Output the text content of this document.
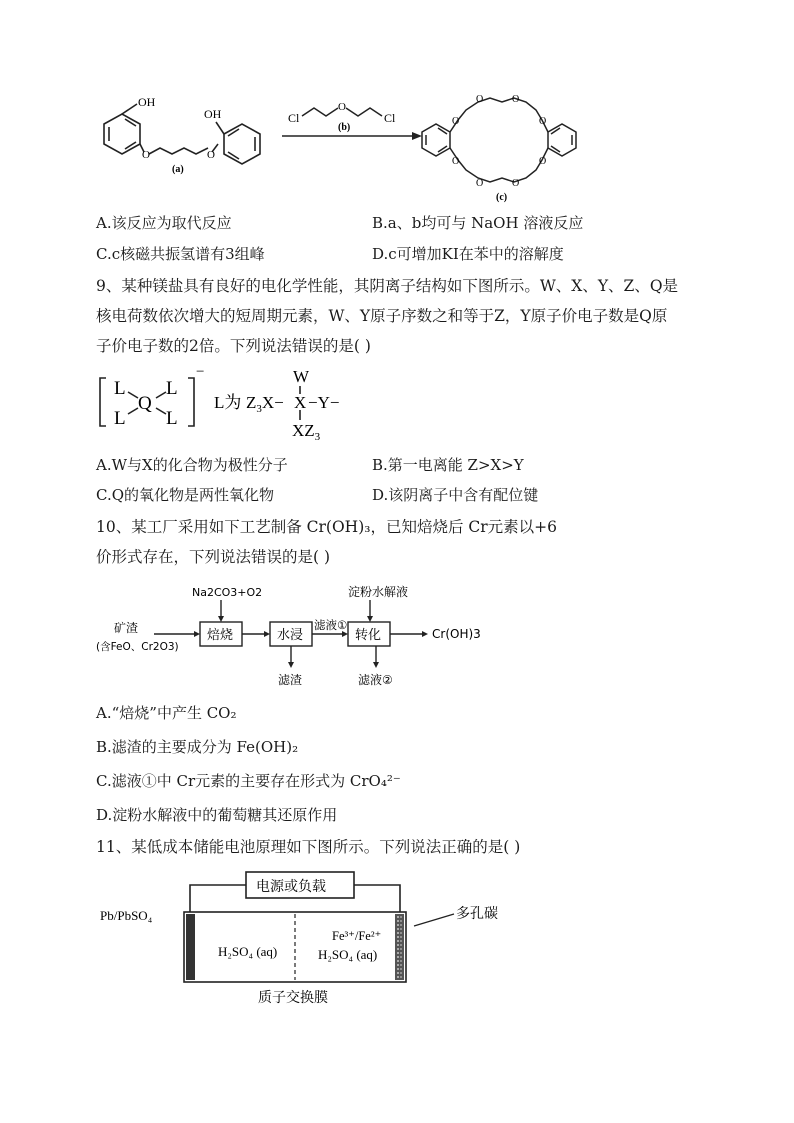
OH
O	O
OH
(a)
Cl
O
Cl
(b)
O
O	O
O
O
O	O
O
(c)
A.该反应为取代反应	B.a、b均可与 NaOH 溶液反应
C.c核磁共振氢谱有3组峰	D.c可增加KI在苯中的溶解度
9、某种镁盐具有良好的电化学性能，其阴离子结构如下图所示。W、X、Y、Z、Q是
核电荷数依次增大的短周期元素，W、Y原子序数之和等于Z，Y原子价电子数是Q原
子价电子数的2倍。下列说法错误的是( )
L L
Q
L L
−
L为 $Z_3X-$
W
X −Y−
$XZ_3$
A.W与X的化合物为极性分子	B.第一电离能 Z>X>Y
C.Q的氧化物是两性氧化物	D.该阴离子中含有配位键
10、某工厂采用如下工艺制备 Cr(OH)₃，已知焙烧后 Cr元素以+6
价形式存在，下列说法错误的是( )
Na2CO3+O2	淀粉水解液
矿渣
(含FeO、Cr2O3)
焙烧	水浸	转化
滤液①
Cr(OH)3
滤渣	滤液②
A.“焙烧”中产生 CO₂
B.滤渣的主要成分为 Fe(OH)₂
C.滤液①中 Cr元素的主要存在形式为 CrO₄²⁻
D.淀粉水解液中的葡萄糖其还原作用
11、某低成本储能电池原理如下图所示。下列说法正确的是( )
电源或负载
Pb/PbSO₄	多孔碳
H₂SO₄ (aq)
Fe³⁺/Fe²⁺
H₂SO₄ (aq)
质子交换膜
